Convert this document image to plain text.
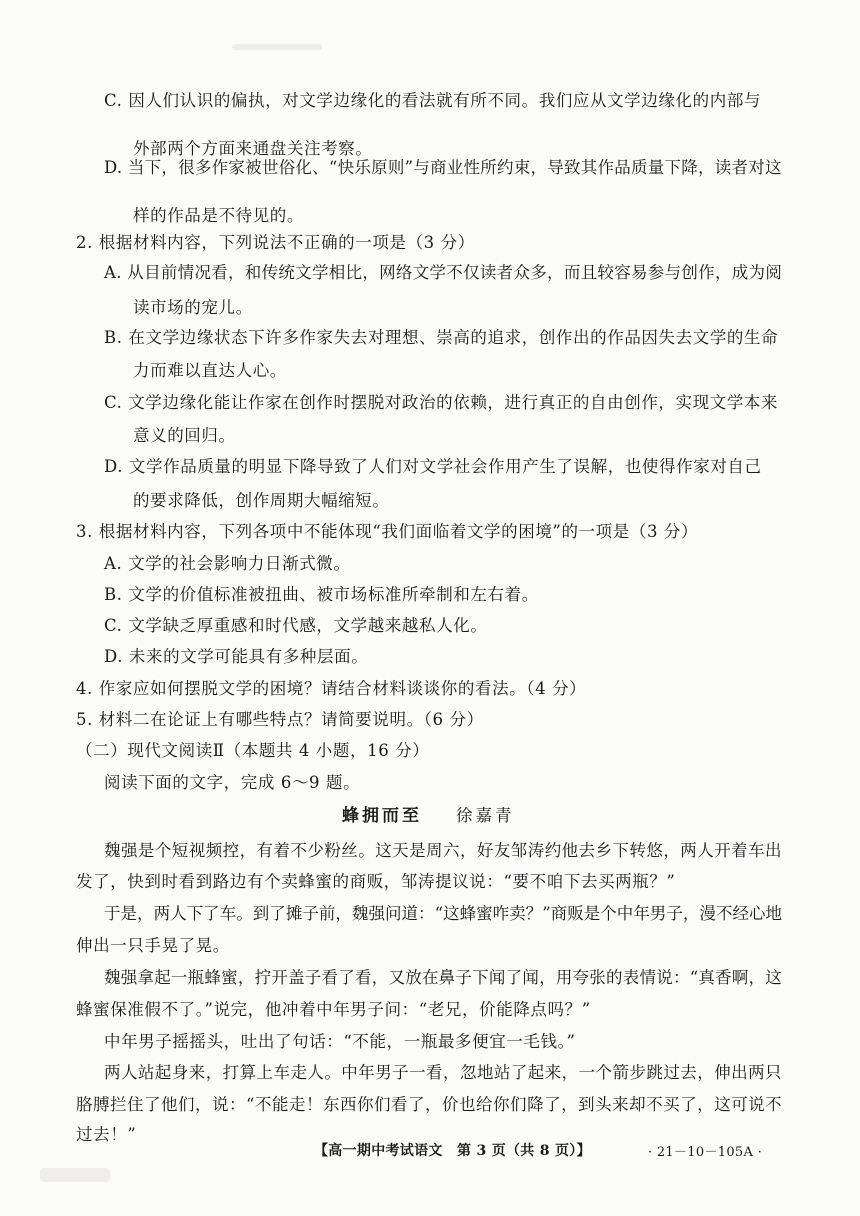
C. 因人们认识的偏执，对文学边缘化的看法就有所不同。我们应从文学边缘化的内部与
外部两个方面来通盘关注考察。
D. 当下，很多作家被世俗化、“快乐原则”与商业性所约束，导致其作品质量下降，读者对这
样的作品是不待见的。
2. 根据材料内容，下列说法不正确的一项是（3 分）
A. 从目前情况看，和传统文学相比，网络文学不仅读者众多，而且较容易参与创作，成为阅
读市场的宠儿。
B. 在文学边缘状态下许多作家失去对理想、崇高的追求，创作出的作品因失去文学的生命
力而难以直达人心。
C. 文学边缘化能让作家在创作时摆脱对政治的依赖，进行真正的自由创作，实现文学本来
意义的回归。
D. 文学作品质量的明显下降导致了人们对文学社会作用产生了误解，也使得作家对自己
的要求降低，创作周期大幅缩短。
3. 根据材料内容，下列各项中不能体现“我们面临着文学的困境”的一项是（3 分）
A. 文学的社会影响力日渐式微。
B. 文学的价值标准被扭曲、被市场标准所牵制和左右着。
C. 文学缺乏厚重感和时代感，文学越来越私人化。
D. 未来的文学可能具有多种层面。
4. 作家应如何摆脱文学的困境？请结合材料谈谈你的看法。（4 分）
5. 材料二在论证上有哪些特点？请简要说明。（6 分）
（二）现代文阅读Ⅱ（本题共 4 小题，16 分）
阅读下面的文字，完成 6～9 题。
蜂拥而至 徐嘉青
魏强是个短视频控，有着不少粉丝。这天是周六，好友邹涛约他去乡下转悠，两人开着车出
发了，快到时看到路边有个卖蜂蜜的商贩，邹涛提议说：“要不咱下去买两瓶？”
于是，两人下了车。到了摊子前，魏强问道：“这蜂蜜咋卖？”商贩是个中年男子，漫不经心地
伸出一只手晃了晃。
魏强拿起一瓶蜂蜜，拧开盖子看了看，又放在鼻子下闻了闻，用夸张的表情说：“真香啊，这
蜂蜜保准假不了。”说完，他冲着中年男子问：“老兄，价能降点吗？”
中年男子摇摇头，吐出了句话：“不能，一瓶最多便宜一毛钱。”
两人站起身来，打算上车走人。中年男子一看，忽地站了起来，一个箭步跳过去，伸出两只
胳膊拦住了他们，说：“不能走！东西你们看了，价也给你们降了，到头来却不买了，这可说不
过去！”
【高一期中考试语文　第 3 页（共 8 页）】	· 21－10－105A ·
